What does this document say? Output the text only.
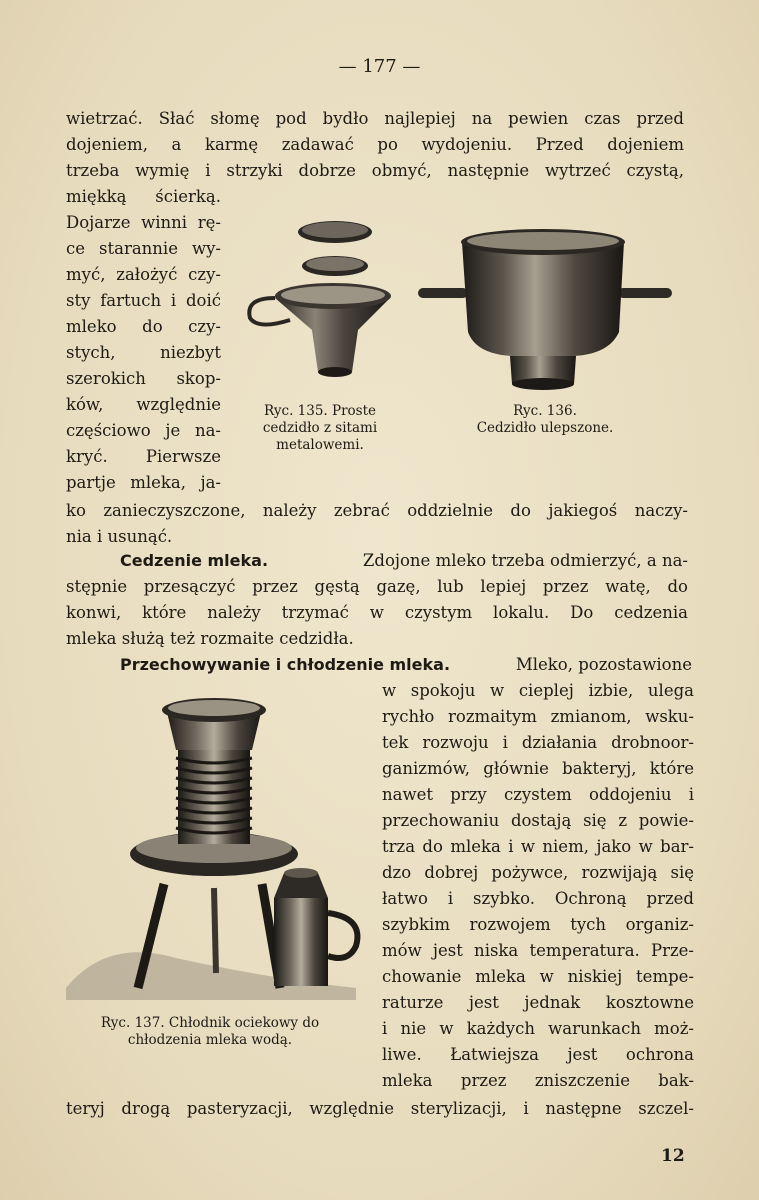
— 177 —
wietrzać. Słać słomę pod bydło najlepiej na pewien czas przed
dojeniem, a karmę zadawać po wydojeniu. Przed dojeniem
trzeba wymię i strzyki dobrze obmyć, następnie wytrzeć czystą,
miękką ścierką.
Dojarze winni rę-
ce starannie wy-
myć, założyć czy-
sty fartuch i doić
mleko do czy-
stych, niezbyt
szerokich skop-
ków, względnie
częściowo je na-
kryć. Pierwsze
partje mleka, ja-
Ryc. 135. Proste
cedzidło z sitami
metalowemi.
Ryc. 136.
Cedzidło ulepszone.
ko zanieczyszczone, należy zebrać oddzielnie do jakiegoś naczy-
nia i usunąć.
Cedzenie mleka.	Zdojone mleko trzeba odmierzyć, a na-
stępnie przesączyć przez gęstą gazę, lub lepiej przez watę, do
konwi, które należy trzymać w czystym lokalu. Do cedzenia
mleka służą też rozmaite cedzidła.
Przechowywanie i chłodzenie mleka.	Mleko, pozostawione
Ryc. 137. Chłodnik ociekowy do
chłodzenia mleka wodą.
w spokoju w cieplej izbie, ulega
rychło rozmaitym zmianom, wsku-
tek rozwoju i działania drobnoor-
ganizmów, głównie bakteryj, które
nawet przy czystem oddojeniu i
przechowaniu dostają się z powie-
trza do mleka i w niem, jako w bar-
dzo dobrej pożywce, rozwijają się
łatwo i szybko. Ochroną przed
szybkim rozwojem tych organiz-
mów jest niska temperatura. Prze-
chowanie mleka w niskiej tempe-
raturze jest jednak kosztowne
i nie w każdych warunkach moż-
liwe. Łatwiejsza jest ochrona
mleka przez zniszczenie bak-
teryj drogą pasteryzacji, względnie sterylizacji, i następne szczel-
12
